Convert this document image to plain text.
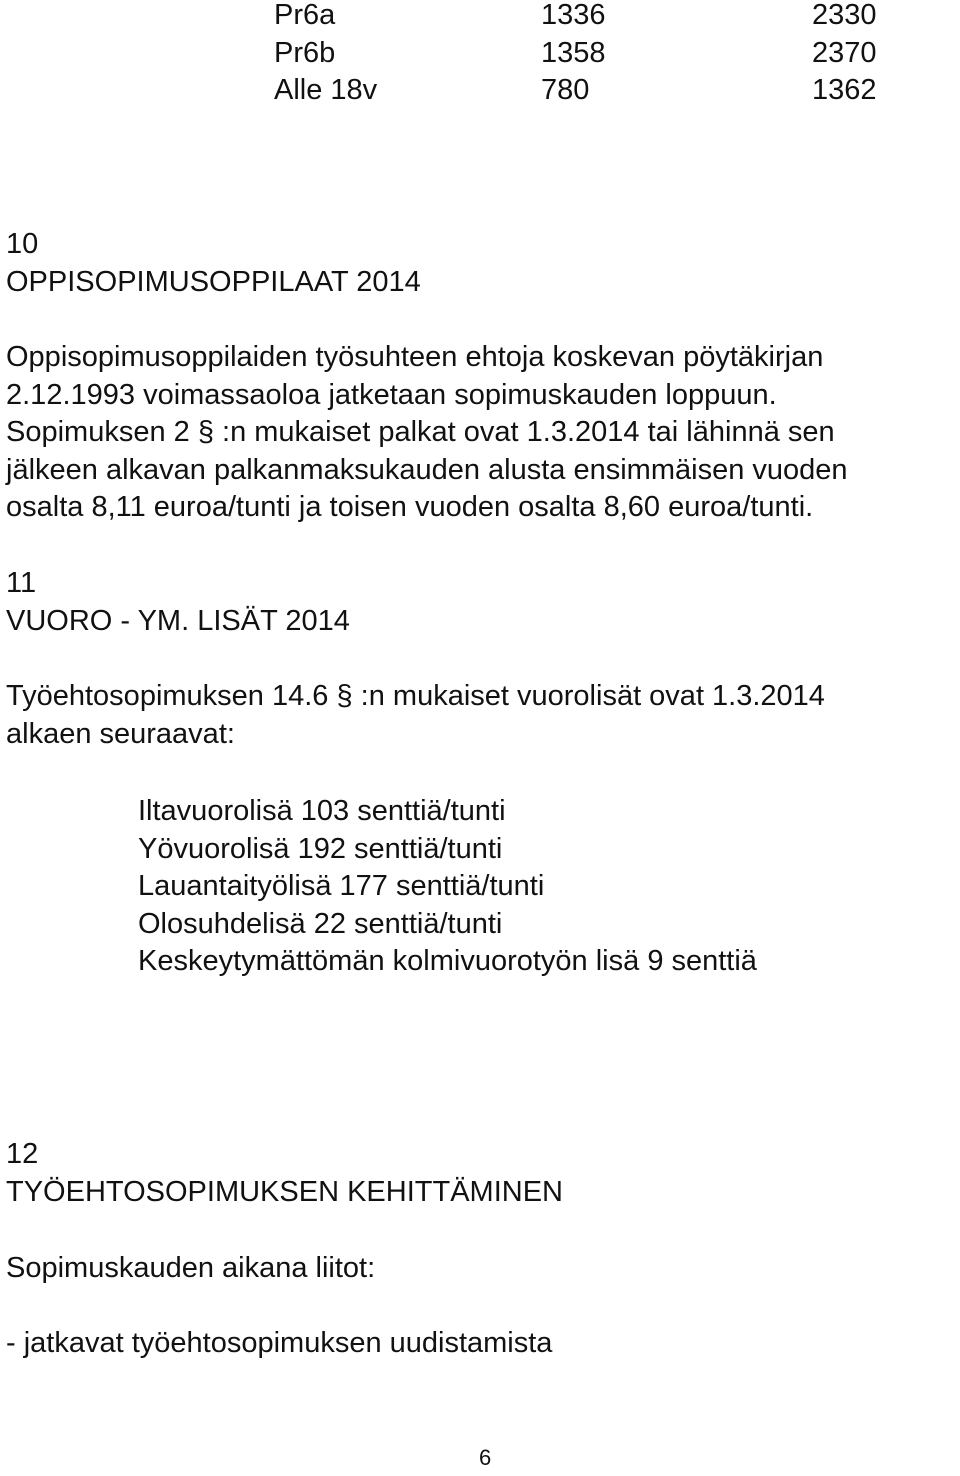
Pr6a	1336	2330
Pr6b	1358	2370
Alle 18v	780	1362
10
OPPISOPIMUSOPPILAAT 2014
Oppisopimusoppilaiden työsuhteen ehtoja koskevan pöytäkirjan
2.12.1993 voimassaoloa jatketaan sopimuskauden loppuun.
Sopimuksen 2 § :n mukaiset palkat ovat 1.3.2014 tai lähinnä sen
jälkeen alkavan palkanmaksukauden alusta ensimmäisen vuoden
osalta 8,11 euroa/tunti ja toisen vuoden osalta 8,60 euroa/tunti.
11
VUORO - YM. LISÄT 2014
Työehtosopimuksen 14.6 § :n mukaiset vuorolisät ovat 1.3.2014
alkaen seuraavat:
Iltavuorolisä 103 senttiä/tunti
Yövuorolisä 192 senttiä/tunti
Lauantaityölisä 177 senttiä/tunti
Olosuhdelisä 22 senttiä/tunti
Keskeytymättömän kolmivuorotyön lisä 9 senttiä
12
TYÖEHTOSOPIMUKSEN KEHITTÄMINEN
Sopimuskauden aikana liitot:
- jatkavat työehtosopimuksen uudistamista
6
